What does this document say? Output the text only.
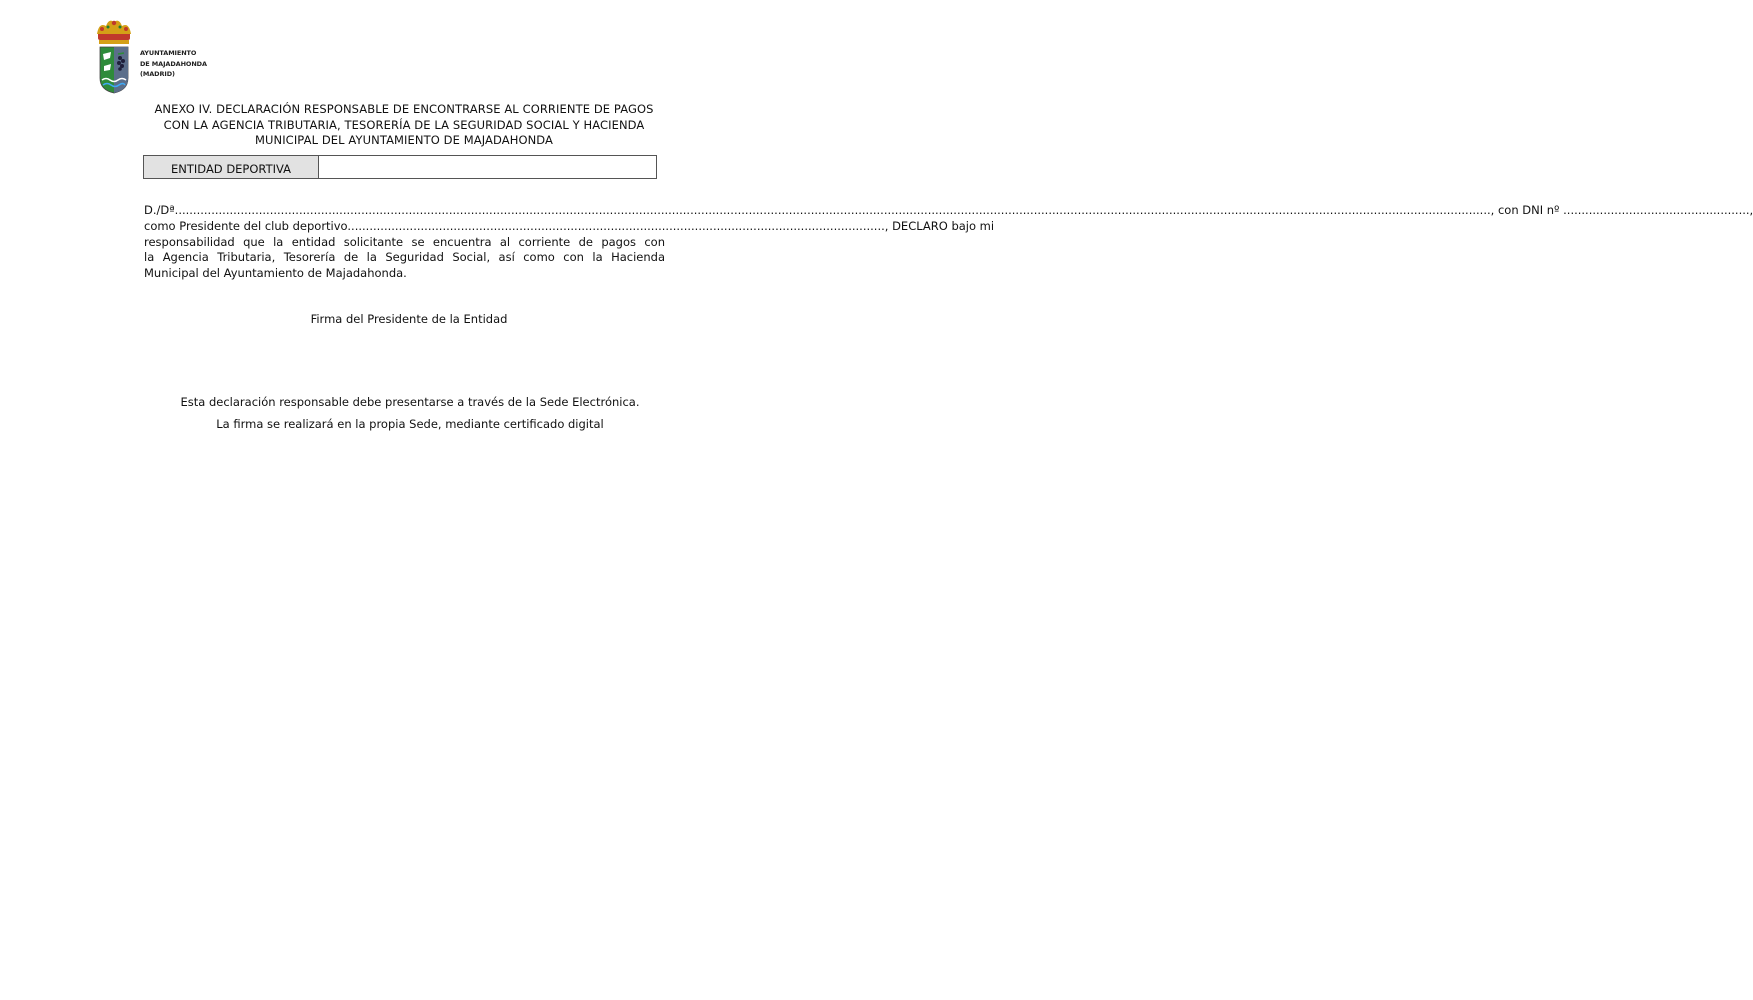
AYUNTAMIENTO
DE MAJADAHONDA
(MADRID)
ANEXO IV. DECLARACIÓN RESPONSABLE DE ENCONTRARSE AL CORRIENTE DE PAGOS
CON LA AGENCIA TRIBUTARIA, TESORERÍA DE LA SEGURIDAD SOCIAL Y HACIENDA
MUNICIPAL DEL AYUNTAMIENTO DE MAJADAHONDA
ENTIDAD DEPORTIVA
D./Dª........................................................................................................................................................................................................................................................................................................................................................................, con DNI nº ...................................................,
como Presidente del club deportivo..................................................................................................................................................., DECLARO bajo mi
responsabilidad que la entidad solicitante se encuentra al corriente de pagos con
la Agencia Tributaria, Tesorería de la Seguridad Social, así como con la Hacienda
Municipal del Ayuntamiento de Majadahonda.
Firma del Presidente de la Entidad
Esta declaración responsable debe presentarse a través de la Sede Electrónica.
La firma se realizará en la propia Sede, mediante certificado digital
